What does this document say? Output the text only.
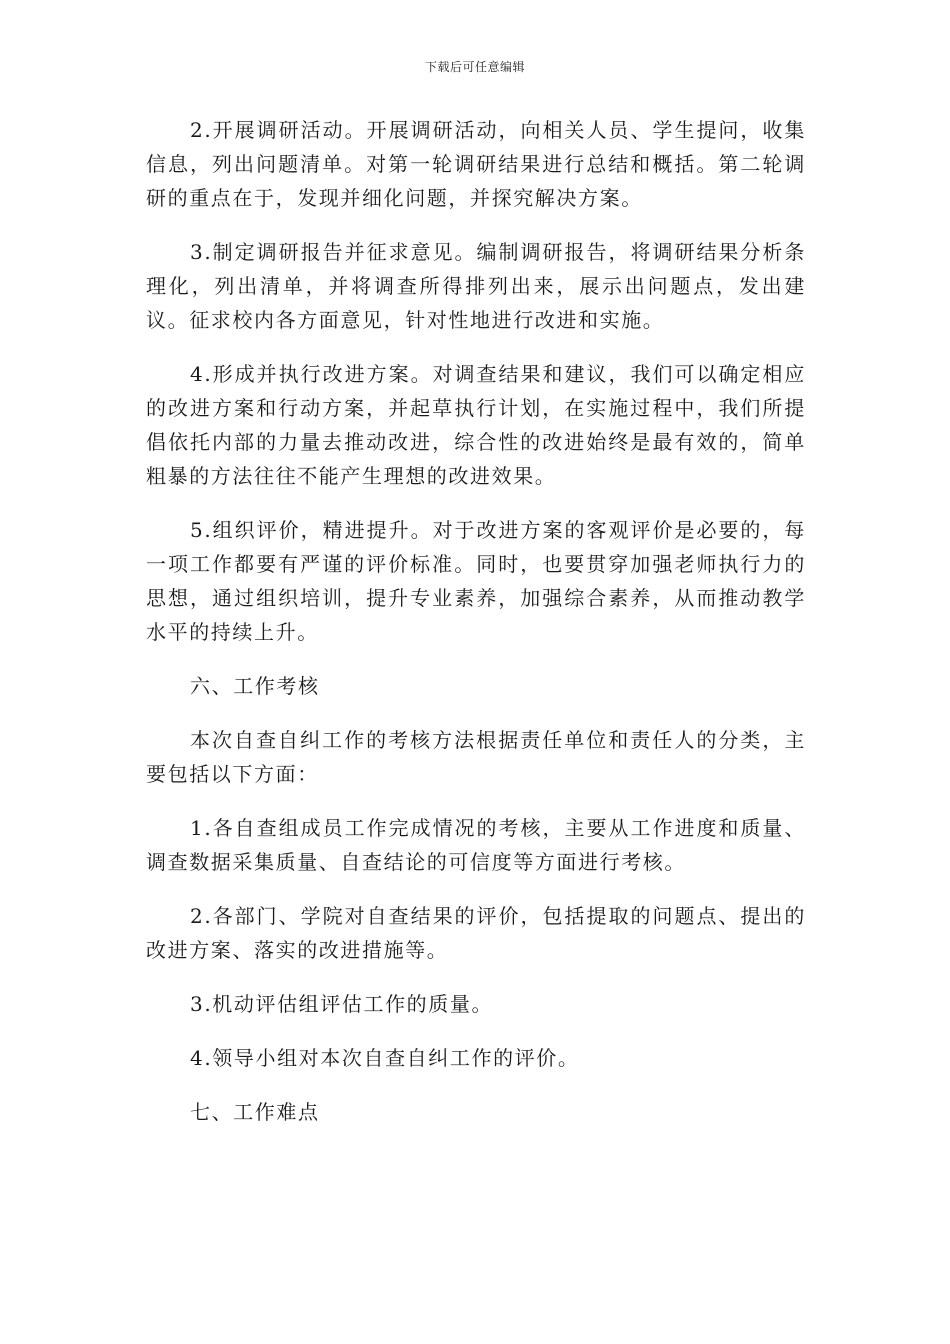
下载后可任意编辑

2.开展调研活动。开展调研活动，向相关人员、学生提问，收集信息，列出问题清单。对第一轮调研结果进行总结和概括。第二轮调研的重点在于，发现并细化问题，并探究解决方案。

3.制定调研报告并征求意见。编制调研报告，将调研结果分析条理化，列出清单，并将调查所得排列出来，展示出问题点，发出建议。征求校内各方面意见，针对性地进行改进和实施。

4.形成并执行改进方案。对调查结果和建议，我们可以确定相应的改进方案和行动方案，并起草执行计划，在实施过程中，我们所提倡依托内部的力量去推动改进，综合性的改进始终是最有效的，简单粗暴的方法往往不能产生理想的改进效果。

5.组织评价，精进提升。对于改进方案的客观评价是必要的，每一项工作都要有严谨的评价标准。同时，也要贯穿加强老师执行力的思想，通过组织培训，提升专业素养，加强综合素养，从而推动教学水平的持续上升。

六、工作考核

本次自查自纠工作的考核方法根据责任单位和责任人的分类，主要包括以下方面：

1.各自查组成员工作完成情况的考核，主要从工作进度和质量、调查数据采集质量、自查结论的可信度等方面进行考核。

2.各部门、学院对自查结果的评价，包括提取的问题点、提出的改进方案、落实的改进措施等。

3.机动评估组评估工作的质量。

4.领导小组对本次自查自纠工作的评价。

七、工作难点
